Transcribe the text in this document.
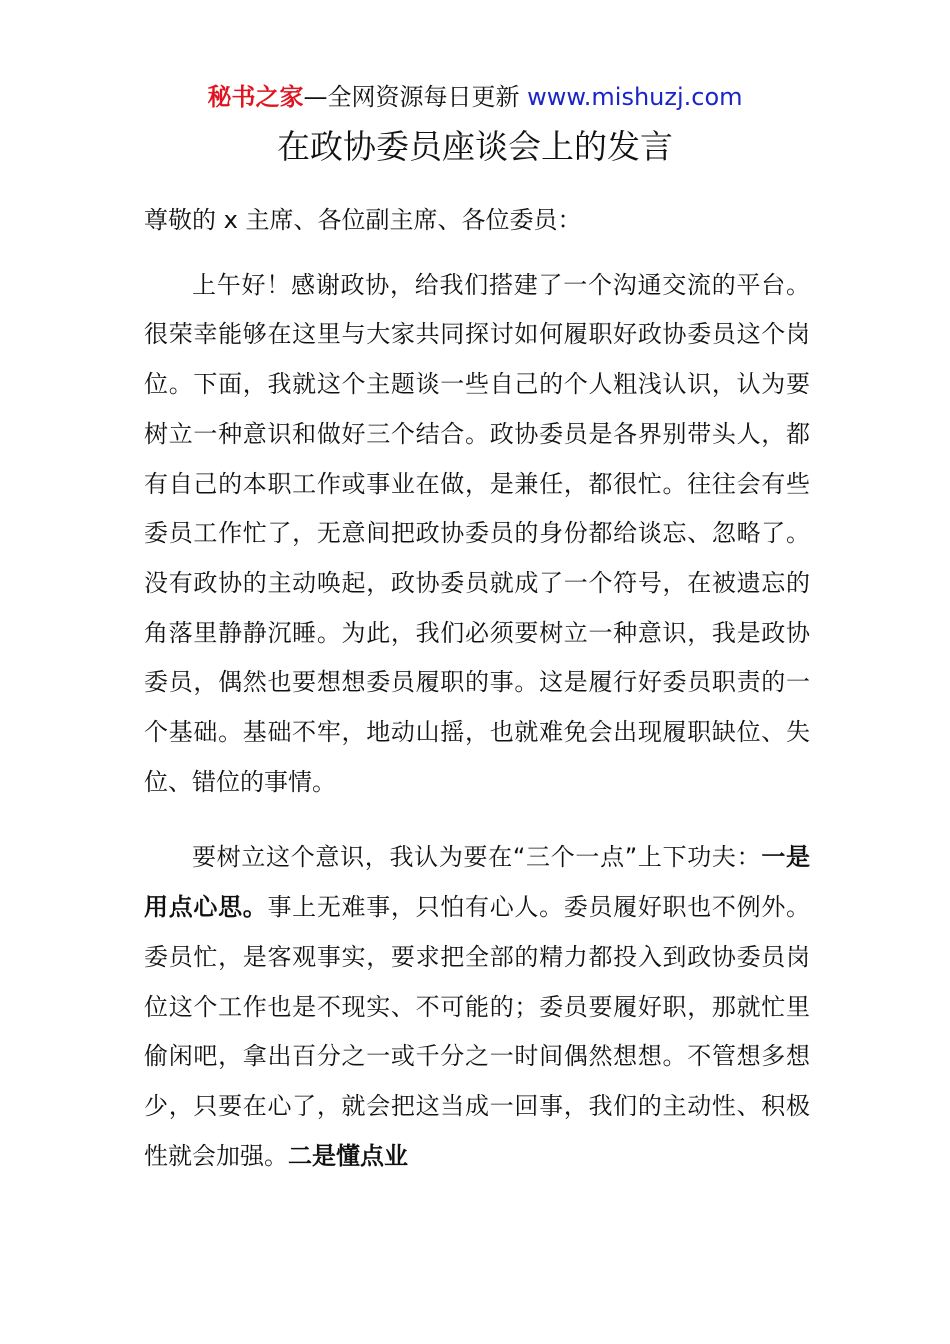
秘书之家—全网资源每日更新 www.mishuzj.com
在政协委员座谈会上的发言

尊敬的 x 主席、各位副主席、各位委员：

上午好！感谢政协，给我们搭建了一个沟通交流的平台。很荣幸能够在这里与大家共同探讨如何履职好政协委员这个岗位。下面，我就这个主题谈一些自己的个人粗浅认识，认为要树立一种意识和做好三个结合。政协委员是各界别带头人，都有自己的本职工作或事业在做，是兼任，都很忙。往往会有些委员工作忙了，无意间把政协委员的身份都给谈忘、忽略了。没有政协的主动唤起，政协委员就成了一个符号，在被遗忘的角落里静静沉睡。为此，我们必须要树立一种意识，我是政协委员，偶然也要想想委员履职的事。这是履行好委员职责的一个基础。基础不牢，地动山摇，也就难免会出现履职缺位、失位、错位的事情。

要树立这个意识，我认为要在“三个一点”上下功夫：一是用点心思。事上无难事，只怕有心人。委员履好职也不例外。委员忙，是客观事实，要求把全部的精力都投入到政协委员岗位这个工作也是不现实、不可能的；委员要履好职，那就忙里偷闲吧，拿出百分之一或千分之一时间偶然想想。不管想多想少，只要在心了，就会把这当成一回事，我们的主动性、积极性就会加强。二是懂点业
